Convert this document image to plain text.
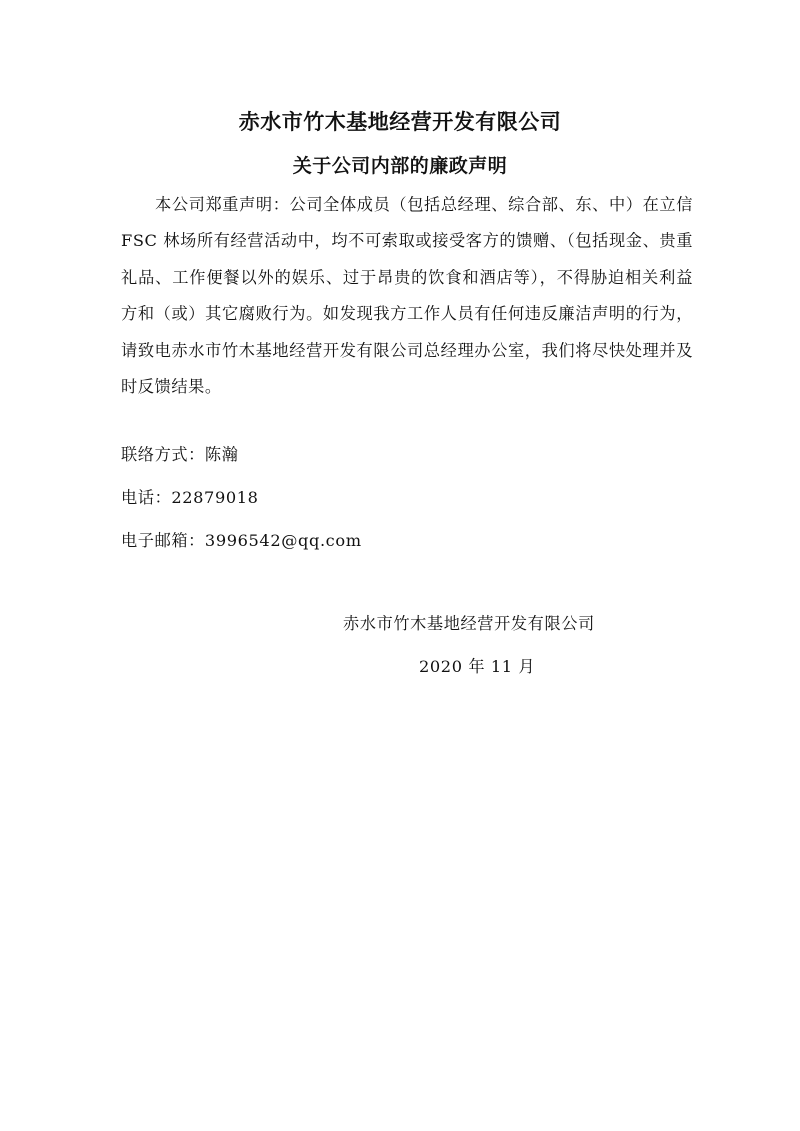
赤水市竹木基地经营开发有限公司
关于公司内部的廉政声明

本公司郑重声明：公司全体成员（包括总经理、综合部、东、中）在立信 FSC 林场所有经营活动中，均不可索取或接受客方的馈赠、（包括现金、贵重礼品、工作便餐以外的娱乐、过于昂贵的饮食和酒店等），不得胁迫相关利益方和（或）其它腐败行为。如发现我方工作人员有任何违反廉洁声明的行为，请致电赤水市竹木基地经营开发有限公司总经理办公室，我们将尽快处理并及时反馈结果。

联络方式：陈瀚
电话：22879018
电子邮箱：3996542@qq.com
赤水市竹木基地经营开发有限公司
2020 年 11 月
